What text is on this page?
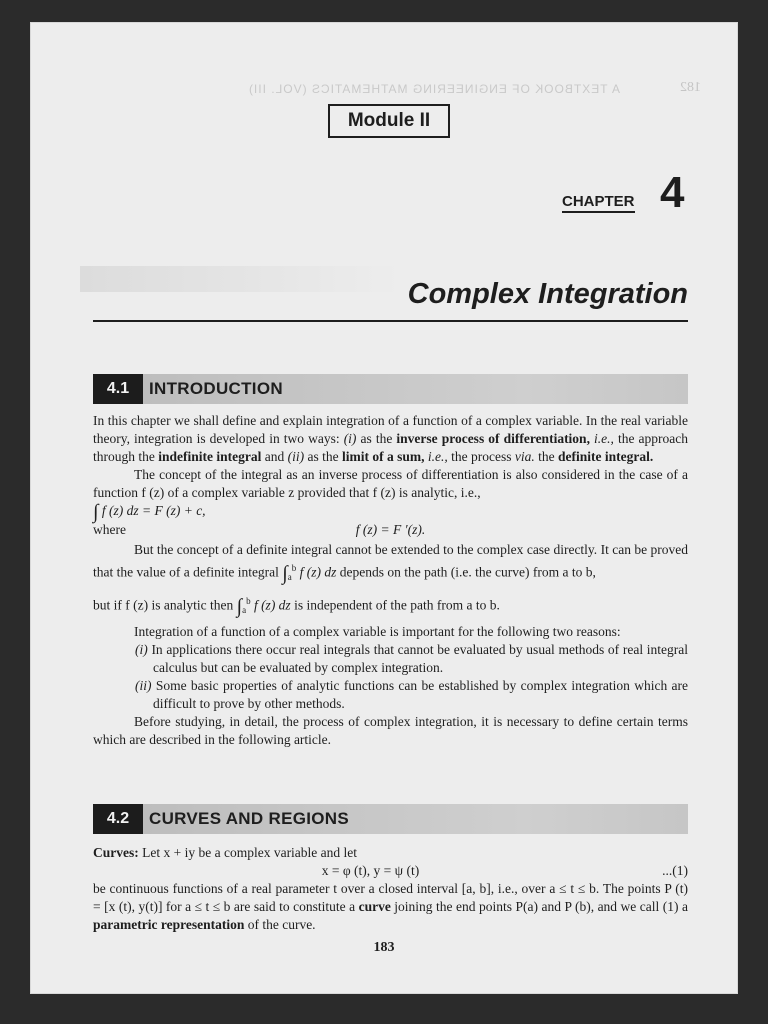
A TEXTBOOK OF ENGINEERING MATHEMATICS (VOL. III)	182
Module II
CHAPTER 4
Complex Integration
4.1	INTRODUCTION

In this chapter we shall define and explain integration of a function of a complex variable. In the real variable theory, integration is developed in two ways: (i) as the inverse process of differentiation, i.e., the approach through the indefinite integral and (ii) as the limit of a sum, i.e., the process via. the definite integral.

The concept of the integral as an inverse process of differentiation is also considered in the case of a function f (z) of a complex variable z provided that f (z) is analytic, i.e.,

∫ f (z) dz = F (z) + c,

where	f (z) = F ′(z).

But the concept of a definite integral cannot be extended to the complex case directly. It can be proved that the value of a definite integral $\int_a^b$ f (z) dz depends on the path (i.e. the curve) from a to b,

but if f (z) is analytic then $\int_a^b$ f (z) dz is independent of the path from a to b.

Integration of a function of a complex variable is important for the following two reasons:

(i) In applications there occur real integrals that cannot be evaluated by usual methods of real integral calculus but can be evaluated by complex integration.

(ii) Some basic properties of analytic functions can be established by complex integration which are difficult to prove by other methods.

Before studying, in detail, the process of complex integration, it is necessary to define certain terms which are described in the following article.

4.2	CURVES AND REGIONS

Curves: Let x + iy be a complex variable and let

x = φ (t), y = ψ (t)	...(1)

be continuous functions of a real parameter t over a closed interval [a, b], i.e., over a ≤ t ≤ b. The points P (t) = [x (t), y(t)] for a ≤ t ≤ b are said to constitute a curve joining the end points P(a) and P (b), and we call (1) a parametric representation of the curve.

183
